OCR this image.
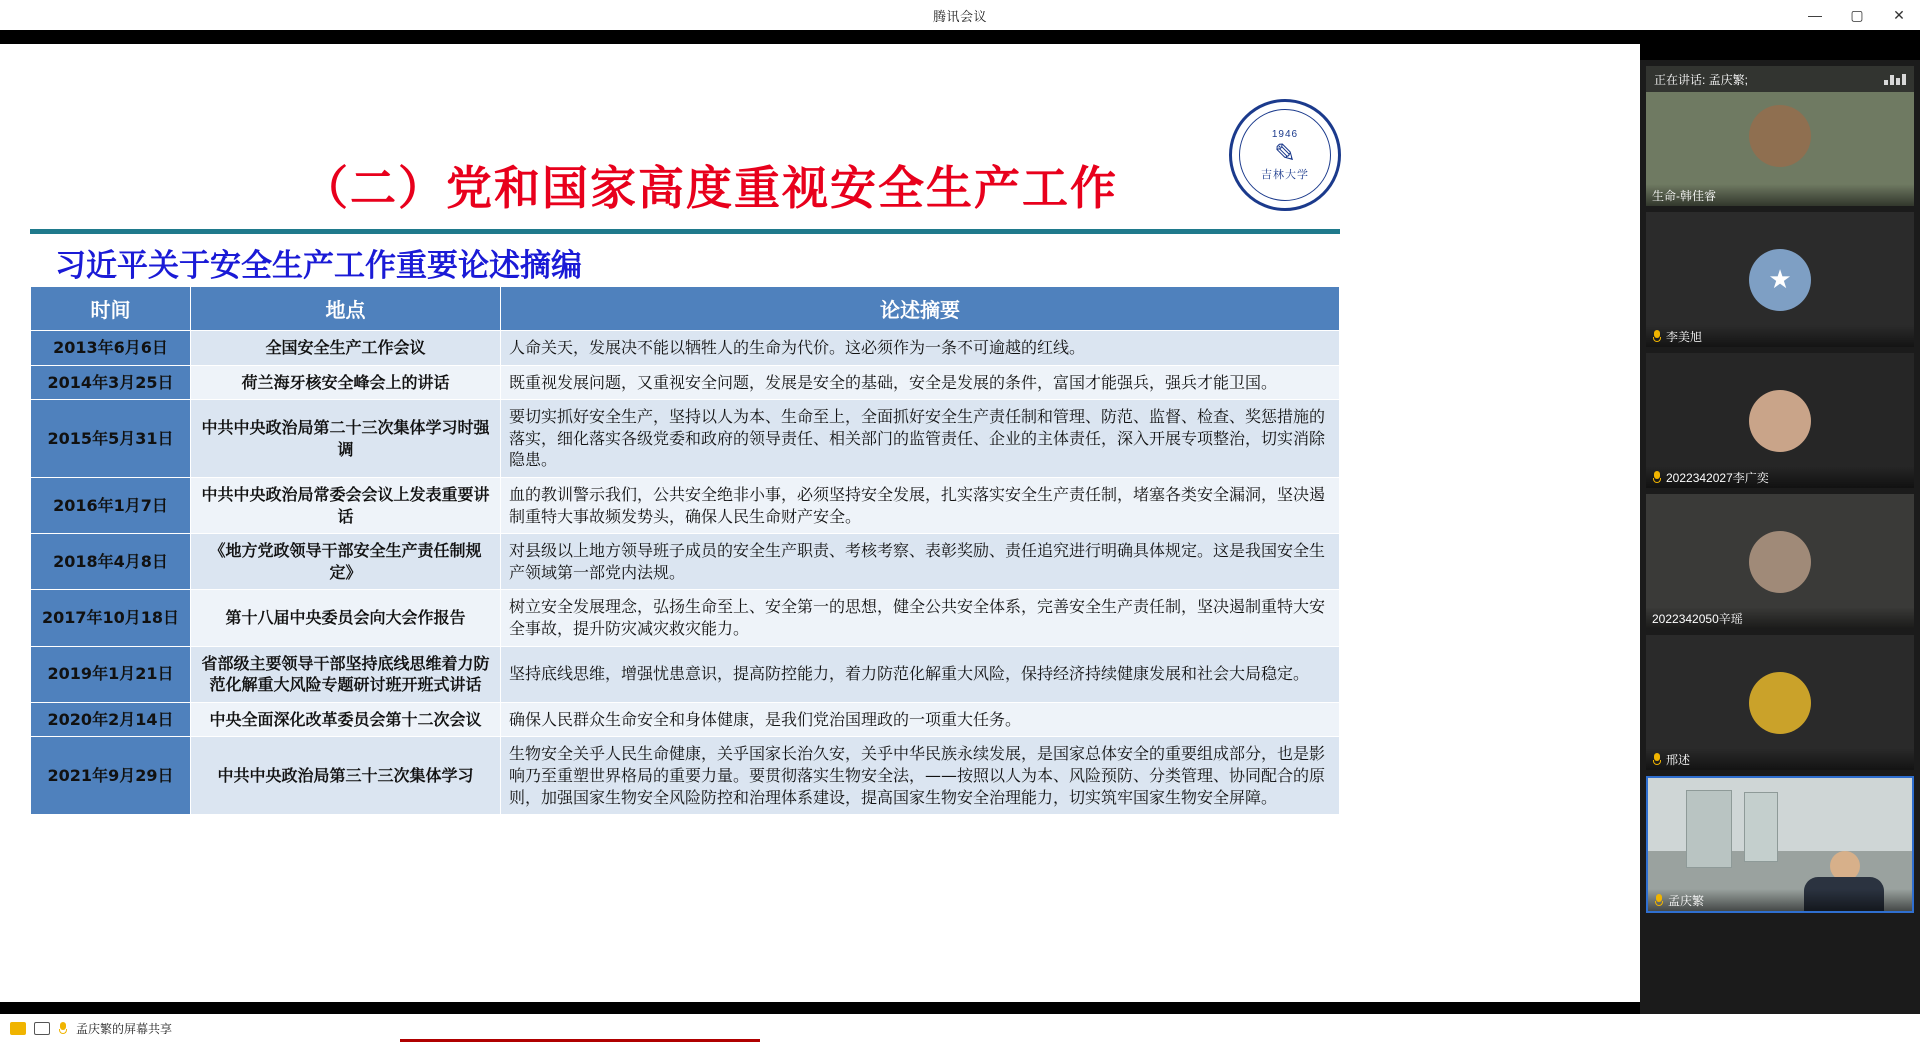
腾讯会议	—	▢	✕
（二）党和国家高度重视安全生产工作
1946
✎
吉林大学
习近平关于安全生产工作重要论述摘编
时间	地点	论述摘要
2013年6月6日	全国安全生产工作会议	人命关天，发展决不能以牺牲人的生命为代价。这必须作为一条不可逾越的红线。
2014年3月25日	荷兰海牙核安全峰会上的讲话	既重视发展问题，又重视安全问题，发展是安全的基础，安全是发展的条件，富国才能强兵，强兵才能卫国。
2015年5月31日	中共中央政治局第二十三次集体学习时强调	要切实抓好安全生产，坚持以人为本、生命至上，全面抓好安全生产责任制和管理、防范、监督、检查、奖惩措施的落实，细化落实各级党委和政府的领导责任、相关部门的监管责任、企业的主体责任，深入开展专项整治，切实消除隐患。
2016年1月7日	中共中央政治局常委会会议上发表重要讲话	血的教训警示我们，公共安全绝非小事，必须坚持安全发展，扎实落实安全生产责任制，堵塞各类安全漏洞，坚决遏制重特大事故频发势头，确保人民生命财产安全。
2018年4月8日	《地方党政领导干部安全生产责任制规定》	对县级以上地方领导班子成员的安全生产职责、考核考察、表彰奖励、责任追究进行明确具体规定。这是我国安全生产领域第一部党内法规。
2017年10月18日	第十八届中央委员会向大会作报告	树立安全发展理念，弘扬生命至上、安全第一的思想，健全公共安全体系，完善安全生产责任制，坚决遏制重特大安全事故，提升防灾减灾救灾能力。
2019年1月21日	省部级主要领导干部坚持底线思维着力防范化解重大风险专题研讨班开班式讲话	坚持底线思维，增强忧患意识，提高防控能力，着力防范化解重大风险，保持经济持续健康发展和社会大局稳定。
2020年2月14日	中央全面深化改革委员会第十二次会议	确保人民群众生命安全和身体健康，是我们党治国理政的一项重大任务。
2021年9月29日	中共中央政治局第三十三次集体学习	生物安全关乎人民生命健康，关乎国家长治久安，关乎中华民族永续发展，是国家总体安全的重要组成部分，也是影响乃至重塑世界格局的重要力量。要贯彻落实生物安全法，——按照以人为本、风险预防、分类管理、协同配合的原则，加强国家生物安全风险防控和治理体系建设，提高国家生物安全治理能力，切实筑牢国家生物安全屏障。
正在讲话: 孟庆繁;
生命-韩佳睿
★
李美旭
2022342027李广奕
2022342050辛瑶
邢述
孟庆繁
孟庆繁的屏幕共享
